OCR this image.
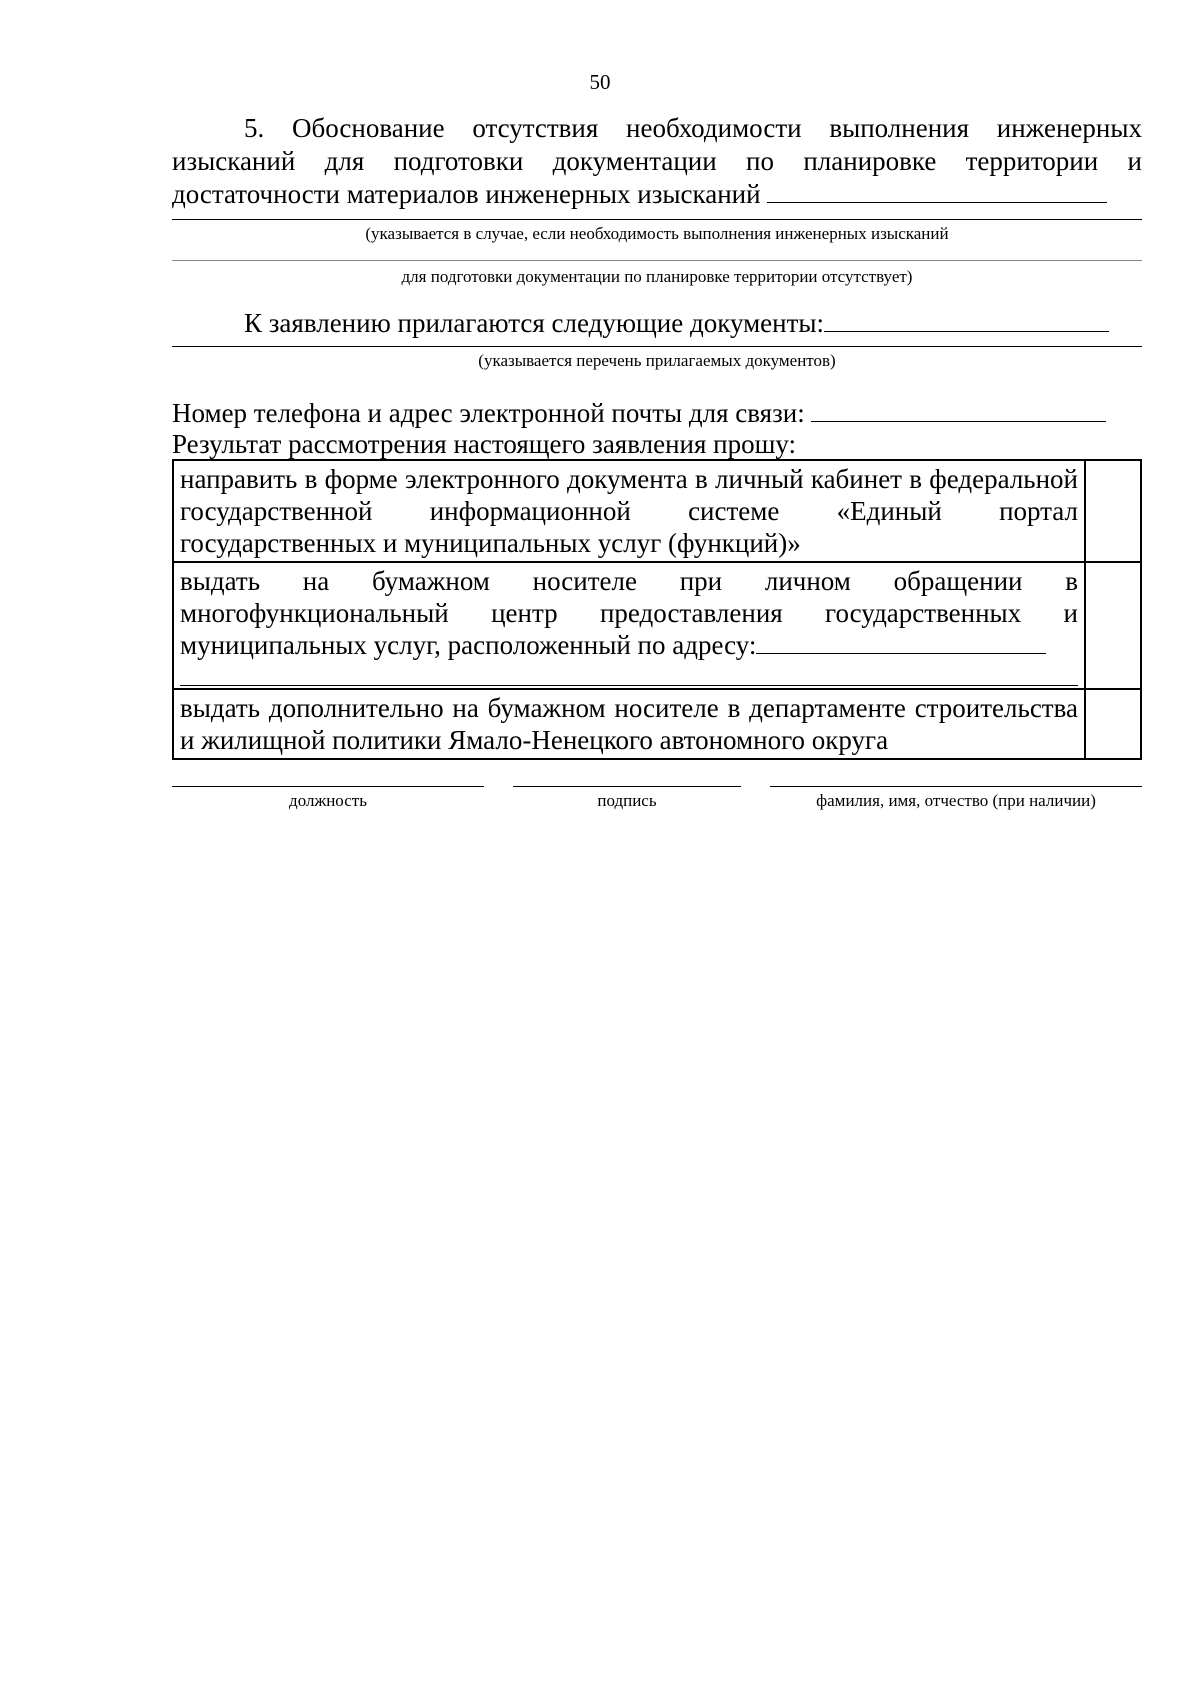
50

5. Обоснование отсутствия необходимости выполнения инженерных изысканий для подготовки документации по планировке территории и достаточности материалов инженерных изысканий

(указывается в случае, если необходимость выполнения инженерных изысканий
для подготовки документации по планировке территории отсутствует)

К заявлению прилагаются следующие документы:

(указывается перечень прилагаемых документов)

Номер телефона и адрес электронной почты для связи:

Результат рассмотрения настоящего заявления прошу:

направить в форме электронного документа в личный кабинет в федеральной государственной информационной системе «Единый портал государственных и муниципальных услуг (функций)»	
выдать на бумажном носителе при личном обращении в многофункциональный центр предоставления государственных и муниципальных услуг, расположенный по адресу:

выдать дополнительно на бумажном носителе в департаменте строительства и жилищной политики Ямало-Ненецкого автономного округа	
должность	подпись	фамилия, имя, отчество (при наличии)
